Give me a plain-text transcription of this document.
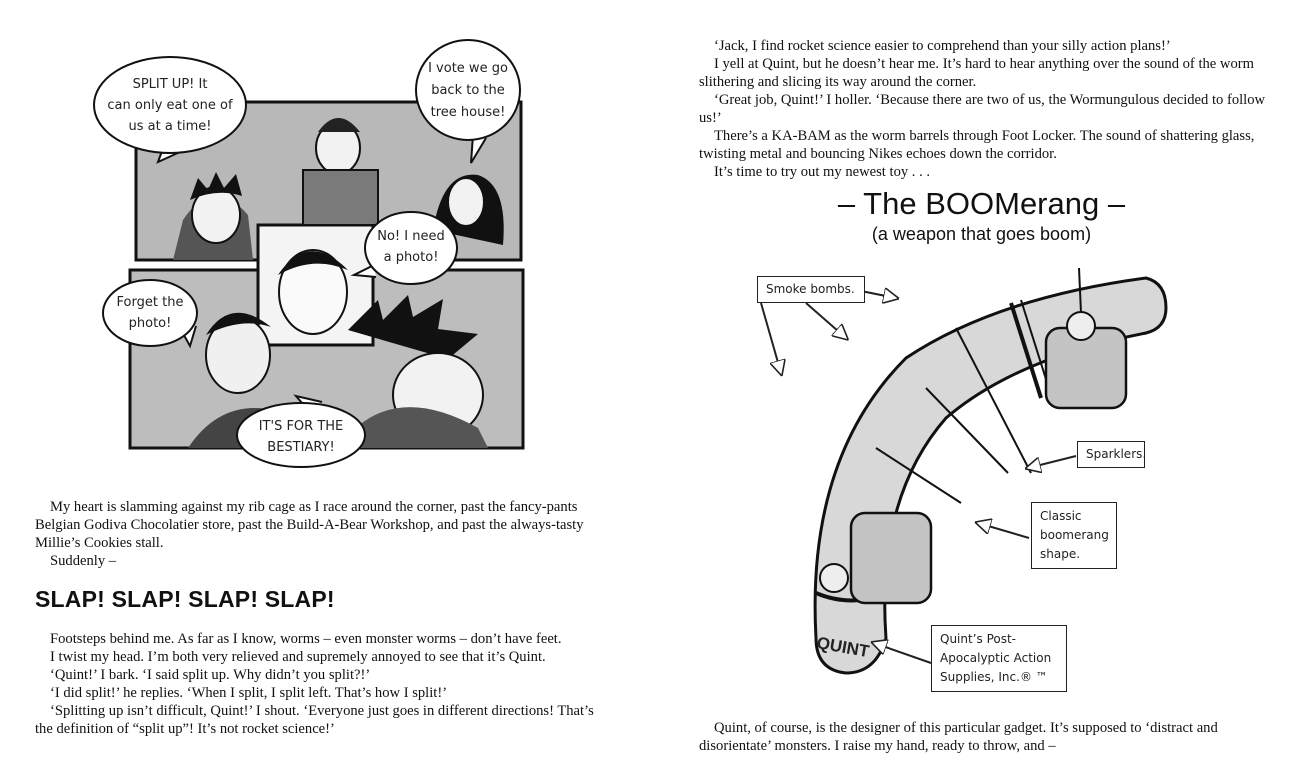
SPLIT UP! It
can only eat one of
us at a time!
I vote we go
back to the
tree house!
No! I need
a photo!
Forget the
photo!
IT'S FOR THE
BESTIARY!

My heart is slamming against my rib cage as I race around the corner, past the fancy-pants Belgian Godiva Chocolatier store, past the Build-A-Bear Workshop, and past the always-tasty Millie’s Cookies stall.

Suddenly –

SLAP! SLAP! SLAP! SLAP!

Footsteps behind me. As far as I know, worms – even monster worms – don’t have feet.

I twist my head. I’m both very relieved and supremely annoyed to see that it’s Quint.

‘Quint!’ I bark. ‘I said split up. Why didn’t you split?!’

‘I did split!’ he replies. ‘When I split, I split left. That’s how I split!’

‘Splitting up isn’t difficult, Quint!’ I shout. ‘Everyone just goes in different directions! That’s the definition of “split up”! It’s not rocket science!’

‘Jack, I find rocket science easier to comprehend than your silly action plans!’

I yell at Quint, but he doesn’t hear me. It’s hard to hear anything over the sound of the worm slithering and slicing its way around the corner.

‘Great job, Quint!’ I holler. ‘Because there are two of us, the Wormungulous decided to follow us!’

There’s a KA-BAM as the worm barrels through Foot Locker. The sound of shattering glass, twisting metal and bouncing Nikes echoes down the corridor.

It’s time to try out my newest toy . . .

– The BOOMerang –
(a weapon that goes boom)
QUINT
Smoke bombs.
Sparklers.
Classic boomerang shape.
Quint’s Post-Apocalyptic Action Supplies, Inc.® ™

Quint, of course, is the designer of this particular gadget. It’s supposed to ‘distract and disorientate’ monsters. I raise my hand, ready to throw, and –
